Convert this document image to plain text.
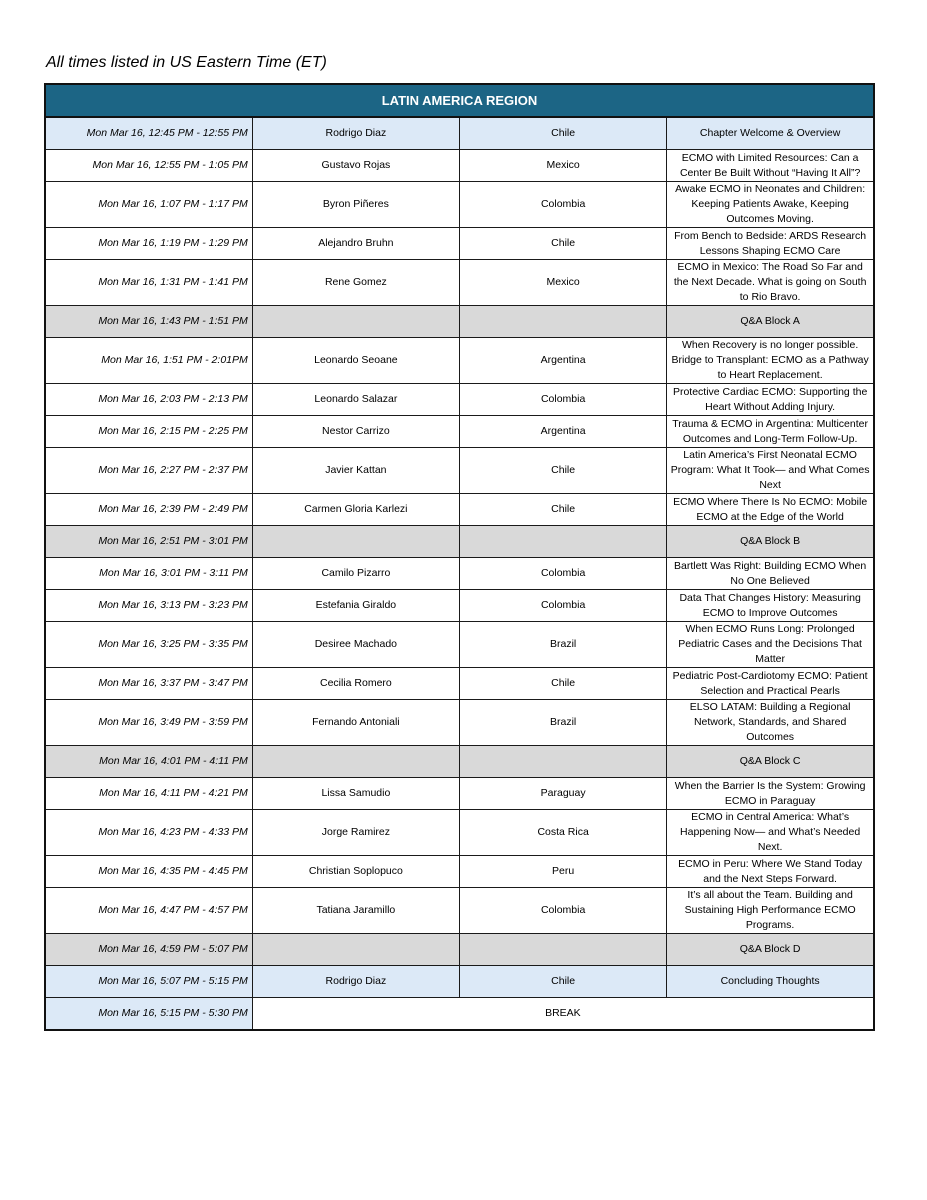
All times listed in US Eastern Time (ET)
LATIN AMERICA REGION			
Mon Mar 16, 12:45 PM - 12:55 PM	Rodrigo Diaz	Chile	Chapter Welcome & Overview
Mon Mar 16, 12:55 PM - 1:05 PM	Gustavo Rojas	Mexico	ECMO with Limited Resources: Can a Center Be Built Without “Having It All”?
Mon Mar 16, 1:07 PM - 1:17 PM	Byron Piñeres	Colombia	Awake ECMO in Neonates and Children: Keeping Patients Awake, Keeping Outcomes Moving.
Mon Mar 16, 1:19 PM - 1:29 PM	Alejandro Bruhn	Chile	From Bench to Bedside: ARDS Research Lessons Shaping ECMO Care
Mon Mar 16, 1:31 PM - 1:41 PM	Rene Gomez	Mexico	ECMO in Mexico: The Road So Far and the Next Decade. What is going on South to Rio Bravo.
Mon Mar 16, 1:43 PM - 1:51 PM			Q&A Block A
Mon Mar 16, 1:51 PM - 2:01PM	Leonardo Seoane	Argentina	When Recovery is no longer possible. Bridge to Transplant: ECMO as a Pathway to Heart Replacement.
Mon Mar 16, 2:03 PM - 2:13 PM	Leonardo Salazar	Colombia	Protective Cardiac ECMO: Supporting the Heart Without Adding Injury.
Mon Mar 16, 2:15 PM - 2:25 PM	Nestor Carrizo	Argentina	Trauma & ECMO in Argentina: Multicenter Outcomes and Long-Term Follow-Up.
Mon Mar 16, 2:27 PM - 2:37 PM	Javier Kattan	Chile	Latin America’s First Neonatal ECMO Program: What It Took— and What Comes Next
Mon Mar 16, 2:39 PM - 2:49 PM	Carmen Gloria Karlezi	Chile	ECMO Where There Is No ECMO: Mobile ECMO at the Edge of the World
Mon Mar 16, 2:51 PM - 3:01 PM			Q&A Block B
Mon Mar 16, 3:01 PM - 3:11 PM	Camilo Pizarro	Colombia	Bartlett Was Right: Building ECMO When No One Believed
Mon Mar 16, 3:13 PM - 3:23 PM	Estefania Giraldo	Colombia	Data That Changes History: Measuring ECMO to Improve Outcomes
Mon Mar 16, 3:25 PM - 3:35 PM	Desiree Machado	Brazil	When ECMO Runs Long: Prolonged Pediatric Cases and the Decisions That Matter
Mon Mar 16, 3:37 PM - 3:47 PM	Cecilia Romero	Chile	Pediatric Post-Cardiotomy ECMO: Patient Selection and Practical Pearls
Mon Mar 16, 3:49 PM - 3:59 PM	Fernando Antoniali	Brazil	ELSO LATAM: Building a Regional Network, Standards, and Shared Outcomes
Mon Mar 16, 4:01 PM - 4:11 PM			Q&A Block C
Mon Mar 16, 4:11 PM - 4:21 PM	Lissa Samudio	Paraguay	When the Barrier Is the System: Growing ECMO in Paraguay
Mon Mar 16, 4:23 PM - 4:33 PM	Jorge Ramirez	Costa Rica	ECMO in Central America: What’s Happening Now— and What’s Needed Next.
Mon Mar 16, 4:35 PM - 4:45 PM	Christian Soplopuco	Peru	ECMO in Peru: Where We Stand Today and the Next Steps Forward.
Mon Mar 16, 4:47 PM - 4:57 PM	Tatiana Jaramillo	Colombia	It’s all about the Team. Building and Sustaining High Performance ECMO Programs.
Mon Mar 16, 4:59 PM - 5:07 PM			Q&A Block D
Mon Mar 16, 5:07 PM - 5:15 PM	Rodrigo Diaz	Chile	Concluding Thoughts
Mon Mar 16, 5:15 PM - 5:30 PM	BREAK		
